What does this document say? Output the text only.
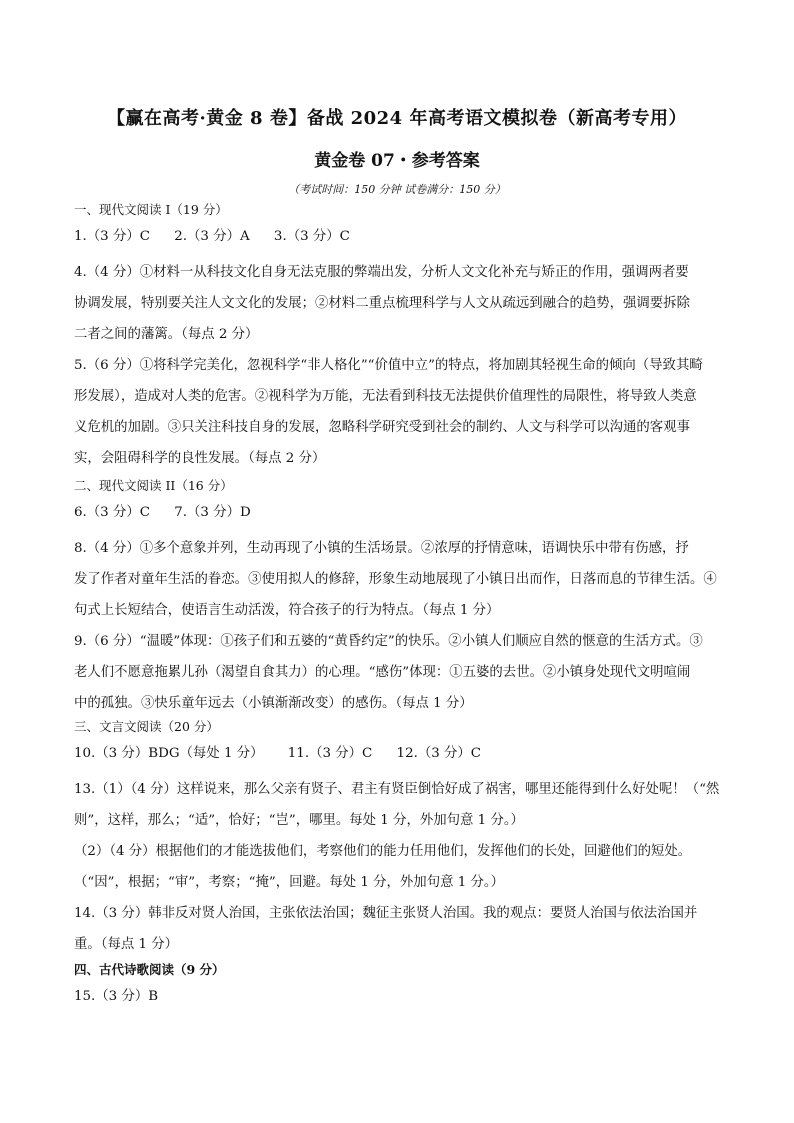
【赢在高考·黄金 8 卷】备战 2024 年高考语文模拟卷（新高考专用）
黄金卷 07・参考答案
（考试时间：150 分钟 试卷满分：150 分）
一、现代文阅读 I（19 分）
1.（3 分）C 2.（3 分）A 3.（3 分）C
4.（4 分）①材料一从科技文化自身无法克服的弊端出发，分析人文文化补充与矫正的作用，强调两者要
协调发展，特别要关注人文文化的发展；②材料二重点梳理科学与人文从疏远到融合的趋势，强调要拆除
二者之间的藩篱。（每点 2 分）
5.（6 分）①将科学完美化，忽视科学“非人格化”“价值中立”的特点，将加剧其轻视生命的倾向（导致其畸
形发展），造成对人类的危害。②视科学为万能，无法看到科技无法提供价值理性的局限性，将导致人类意
义危机的加剧。③只关注科技自身的发展，忽略科学研究受到社会的制约、人文与科学可以沟通的客观事
实，会阻碍科学的良性发展。（每点 2 分）
二、现代文阅读 II（16 分）
6.（3 分）C 7.（3 分）D
8.（4 分）①多个意象并列，生动再现了小镇的生活场景。②浓厚的抒情意味，语调快乐中带有伤感，抒
发了作者对童年生活的眷恋。③使用拟人的修辞，形象生动地展现了小镇日出而作，日落而息的节律生活。④
句式上长短结合，使语言生动活泼，符合孩子的行为特点。（每点 1 分）
9.（6 分）“温暖”体现：①孩子们和五婆的“黄昏约定”的快乐。②小镇人们顺应自然的惬意的生活方式。③
老人们不愿意拖累儿孙（渴望自食其力）的心理。“感伤”体现：①五婆的去世。②小镇身处现代文明喧闹
中的孤独。③快乐童年远去（小镇渐渐改变）的感伤。（每点 1 分）
三、文言文阅读（20 分）
10.（3 分）BDG（每处 1 分） 11.（3 分）C 12.（3 分）C
13.（1）（4 分）这样说来，那么父亲有贤子、君主有贤臣倒恰好成了祸害，哪里还能得到什么好处呢！（“然
则”，这样，那么；“适”，恰好；“岂”，哪里。每处 1 分，外加句意 1 分。）
（2）（4 分）根据他们的才能选拔他们，考察他们的能力任用他们，发挥他们的长处，回避他们的短处。
（“因”，根据；“审”，考察；“掩”，回避。每处 1 分，外加句意 1 分。）
14.（3 分）韩非反对贤人治国，主张依法治国；魏征主张贤人治国。我的观点：要贤人治国与依法治国并
重。（每点 1 分）
四、古代诗歌阅读（9 分）
15.（3 分）B
